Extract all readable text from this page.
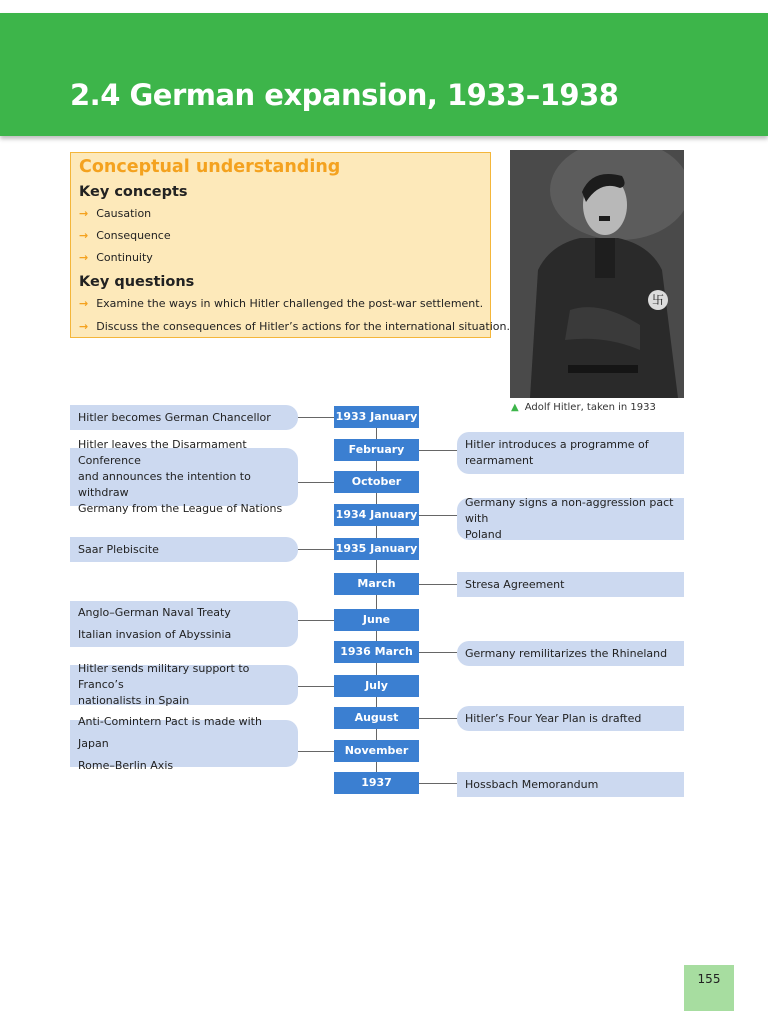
2.4 German expansion, 1933–1938
Conceptual understanding
Key concepts
→ Causation
→ Consequence
→ Continuity
Key questions
→ Examine the ways in which Hitler challenged the post-war settlement.
→ Discuss the consequences of Hitler’s actions for the international situation.
卐
▲ Adolf Hitler, taken in 1933
1933 January
February
October
1934 January
1935 January
March
June
1936 March
July
August
November
1937
Hitler becomes German Chancellor
Hitler leaves the Disarmament Conference
and announces the intention to withdraw
Germany from the League of Nations
Saar Plebiscite
Anglo–German Naval Treaty
Italian invasion of Abyssinia
Hitler sends military support to Franco’s
nationalists in Spain
Anti-Comintern Pact is made with Japan
Rome–Berlin Axis
Hitler introduces a programme of
rearmament
Germany signs a non-aggression pact with
Poland
Stresa Agreement
Germany remilitarizes the Rhineland
Hitler’s Four Year Plan is drafted
Hossbach Memorandum
155
